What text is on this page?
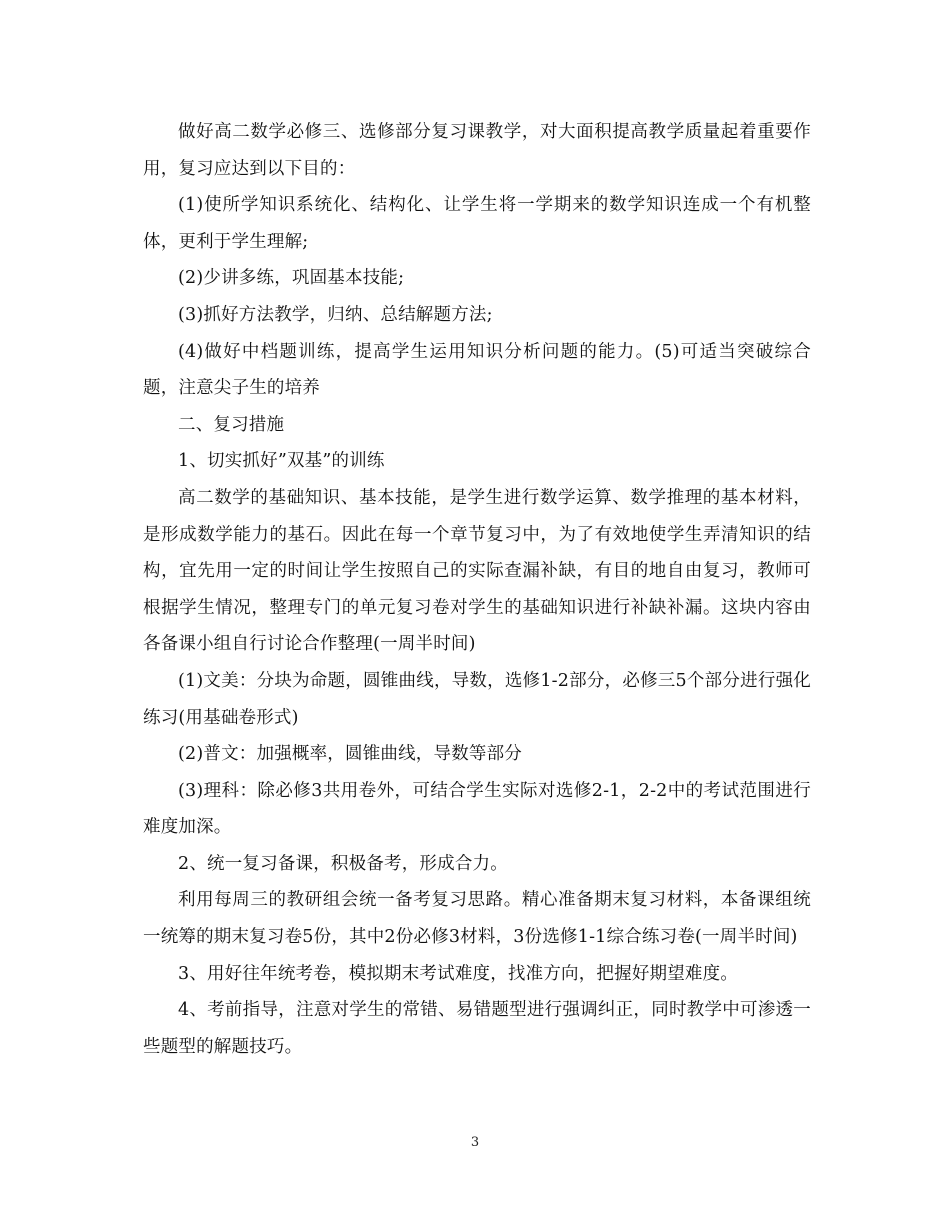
做好高二数学必修三、选修部分复习课教学，对大面积提高教学质量起着重要作用，复习应达到以下目的：

(1)使所学知识系统化、结构化、让学生将一学期来的数学知识连成一个有机整体，更利于学生理解;

(2)少讲多练，巩固基本技能;

(3)抓好方法教学，归纳、总结解题方法;

(4)做好中档题训练，提高学生运用知识分析问题的能力。(5)可适当突破综合题，注意尖子生的培养

二、复习措施

1、切实抓好”双基”的训练

高二数学的基础知识、基本技能，是学生进行数学运算、数学推理的基本材料，是形成数学能力的基石。因此在每一个章节复习中，为了有效地使学生弄清知识的结构，宜先用一定的时间让学生按照自己的实际查漏补缺，有目的地自由复习，教师可根据学生情况，整理专门的单元复习卷对学生的基础知识进行补缺补漏。这块内容由各备课小组自行讨论合作整理(一周半时间)

(1)文美：分块为命题，圆锥曲线，导数，选修1-2部分，必修三5个部分进行强化练习(用基础卷形式)

(2)普文：加强概率，圆锥曲线，导数等部分

(3)理科：除必修3共用卷外，可结合学生实际对选修2-1，2-2中的考试范围进行难度加深。

2、统一复习备课，积极备考，形成合力。

利用每周三的教研组会统一备考复习思路。精心准备期末复习材料，本备课组统一统筹的期末复习卷5份，其中2份必修3材料，3份选修1-1综合练习卷(一周半时间)

3、用好往年统考卷，模拟期末考试难度，找准方向，把握好期望难度。

4、考前指导，注意对学生的常错、易错题型进行强调纠正，同时教学中可渗透一些题型的解题技巧。

3
